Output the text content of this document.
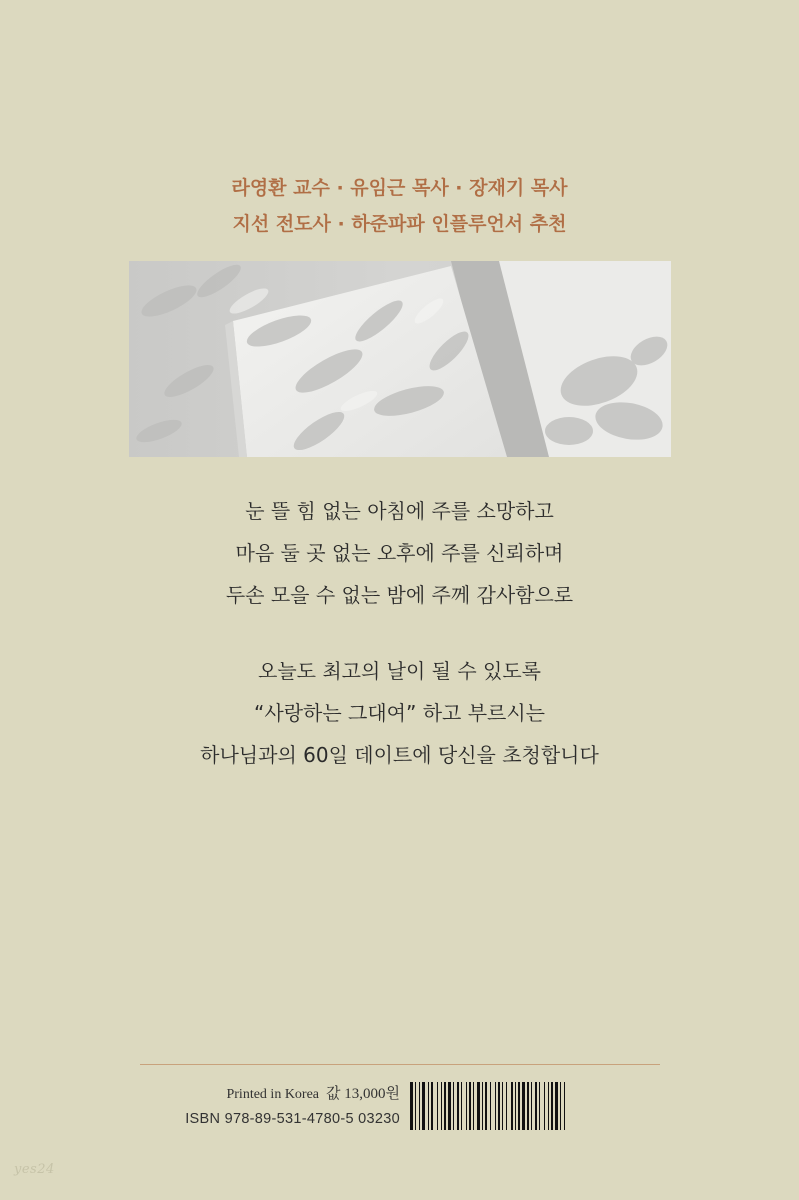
라영환 교수 · 유임근 목사 · 장재기 목사
지선 전도사 · 하준파파 인플루언서 추천
눈 뜰 힘 없는 아침에 주를 소망하고
마음 둘 곳 없는 오후에 주를 신뢰하며
두손 모을 수 없는 밤에 주께 감사함으로
오늘도 최고의 날이 될 수 있도록
“사랑하는 그대여” 하고 부르시는
하나님과의 60일 데이트에 당신을 초청합니다
Printed in Korea 값 13,000원
ISBN 978-89-531-4780-5 03230
yes24
